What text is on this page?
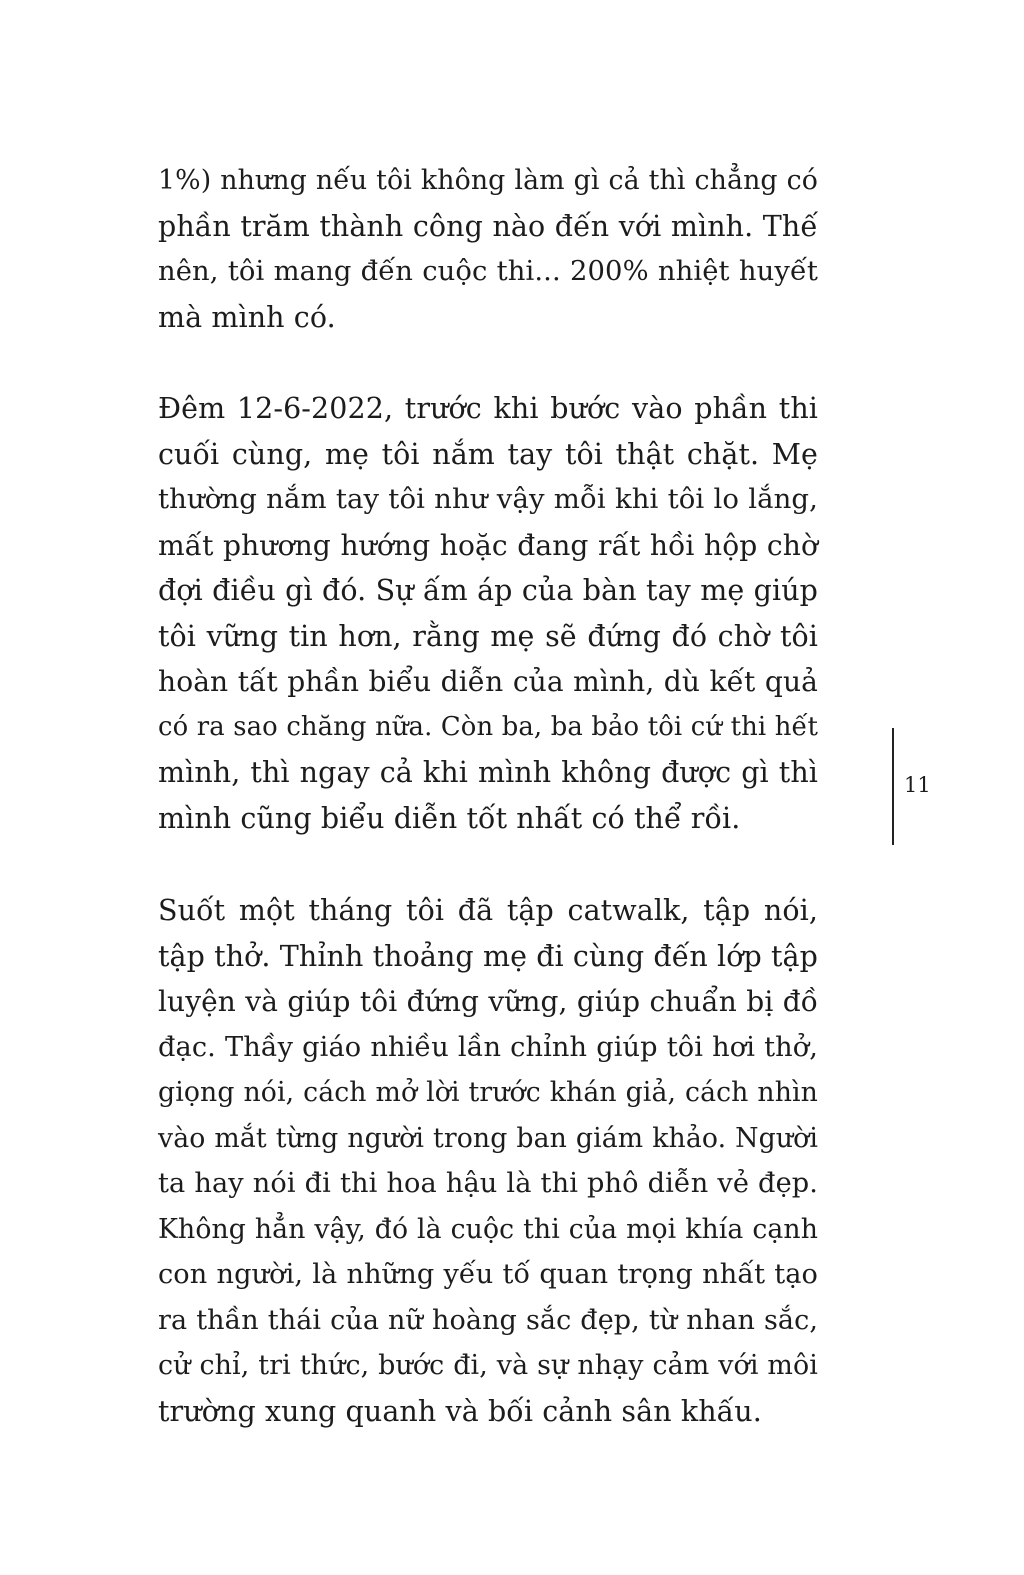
1%) nhưng nếu tôi không làm gì cả thì chẳng có
phần trăm thành công nào đến với mình. Thế
nên, tôi mang đến cuộc thi... 200% nhiệt huyết
mà mình có.
Đêm 12-6-2022, trước khi bước vào phần thi
cuối cùng, mẹ tôi nắm tay tôi thật chặt. Mẹ
thường nắm tay tôi như vậy mỗi khi tôi lo lắng,
mất phương hướng hoặc đang rất hồi hộp chờ
đợi điều gì đó. Sự ấm áp của bàn tay mẹ giúp
tôi vững tin hơn, rằng mẹ sẽ đứng đó chờ tôi
hoàn tất phần biểu diễn của mình, dù kết quả
có ra sao chăng nữa. Còn ba, ba bảo tôi cứ thi hết
mình, thì ngay cả khi mình không được gì thì
mình cũng biểu diễn tốt nhất có thể rồi.
Suốt một tháng tôi đã tập catwalk, tập nói,
tập thở. Thỉnh thoảng mẹ đi cùng đến lớp tập
luyện và giúp tôi đứng vững, giúp chuẩn bị đồ
đạc. Thầy giáo nhiều lần chỉnh giúp tôi hơi thở,
giọng nói, cách mở lời trước khán giả, cách nhìn
vào mắt từng người trong ban giám khảo. Người
ta hay nói đi thi hoa hậu là thi phô diễn vẻ đẹp.
Không hẳn vậy, đó là cuộc thi của mọi khía cạnh
con người, là những yếu tố quan trọng nhất tạo
ra thần thái của nữ hoàng sắc đẹp, từ nhan sắc,
cử chỉ, tri thức, bước đi, và sự nhạy cảm với môi
trường xung quanh và bối cảnh sân khấu.
11
